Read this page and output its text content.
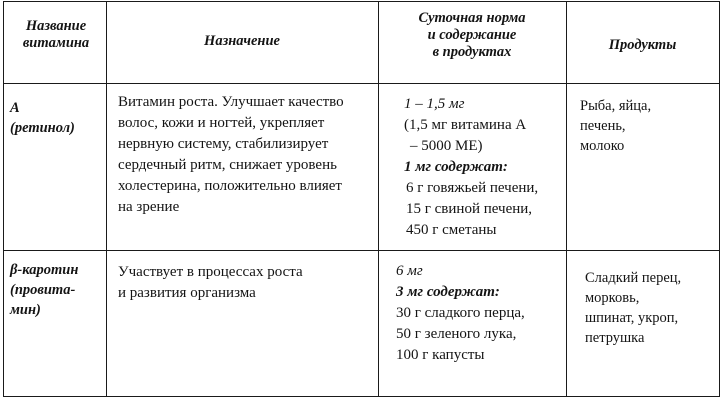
Название
витамина	Назначение
Суточная норма
и содержание
в продуктах	Продукты
A
(ретинол)
Витамин роста. Улучшает качество
волос, кожи и ногтей, укрепляет
нервную систему, стабилизирует
сердечный ритм, снижает уровень
холестерина, положительно влияет
на зрение
1 – 1,5 мг
(1,5 мг витамина А
– 5000 МЕ)
1 мг содержат:
6 г говяжьей печени,
15 г свиной печени,
450 г сметаны
Рыба, яйца,
печень,
молоко
β-каротин
(провита-
мин)
Участвует в процессах роста
и развития организма
6 мг
3 мг содержат:
30 г сладкого перца,
50 г зеленого лука,
100 г капусты
Сладкий перец,
морковь,
шпинат, укроп,
петрушка
